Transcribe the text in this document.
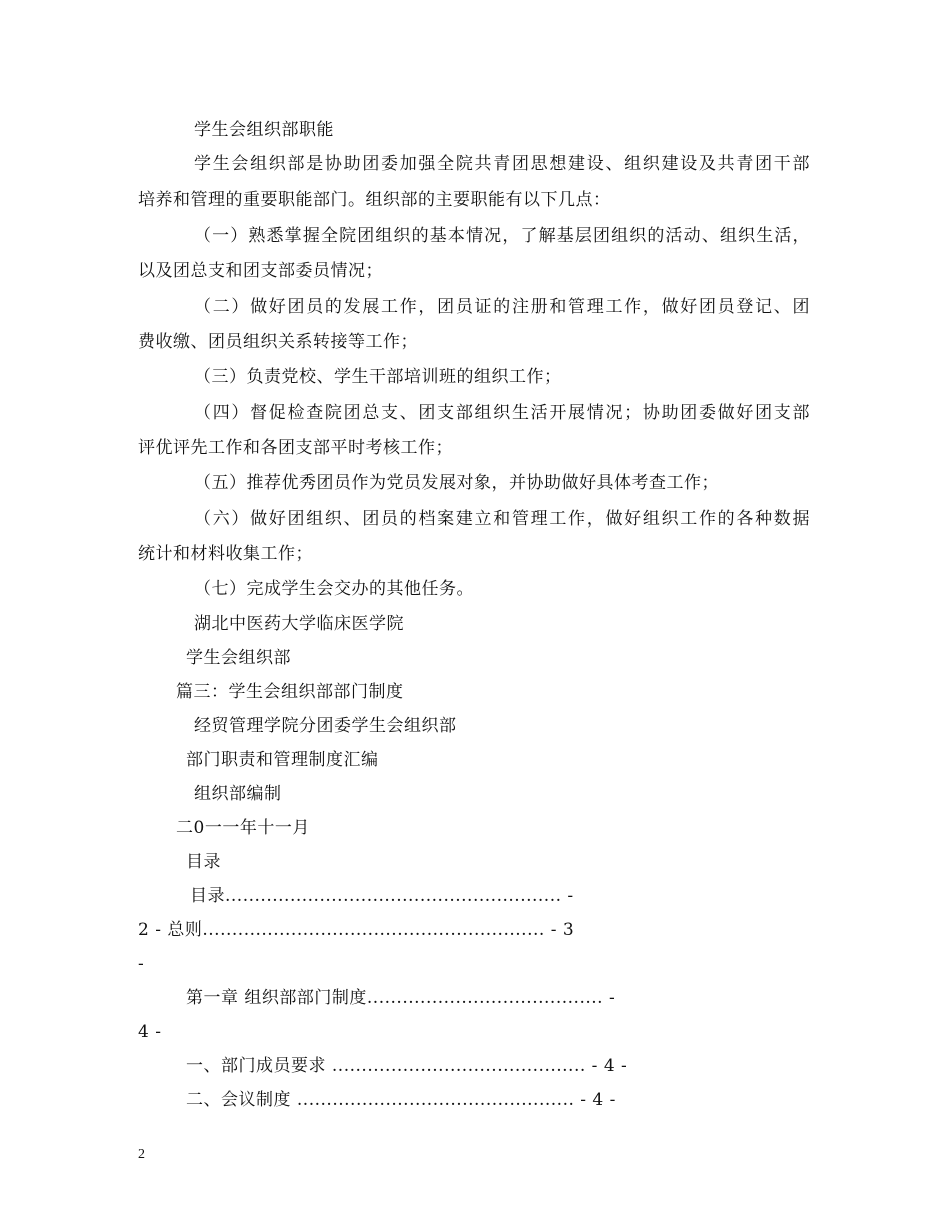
学生会组织部职能
学生会组织部是协助团委加强全院共青团思想建设、组织建设及共青团干部
培养和管理的重要职能部门。组织部的主要职能有以下几点：
（一）熟悉掌握全院团组织的基本情况，了解基层团组织的活动、组织生活，
以及团总支和团支部委员情况；
（二）做好团员的发展工作，团员证的注册和管理工作，做好团员登记、团
费收缴、团员组织关系转接等工作；
（三）负责党校、学生干部培训班的组织工作；
（四）督促检查院团总支、团支部组织生活开展情况；协助团委做好团支部
评优评先工作和各团支部平时考核工作；
（五）推荐优秀团员作为党员发展对象，并协助做好具体考查工作；
（六）做好团组织、团员的档案建立和管理工作，做好组织工作的各种数据
统计和材料收集工作；
（七）完成学生会交办的其他任务。
湖北中医药大学临床医学院
学生会组织部
篇三：学生会组织部部门制度
经贸管理学院分团委学生会组织部
部门职责和管理制度汇编
组织部编制
二0一一年十一月
目录
目录......................................................... -
2 - 总则.......................................................... - 3
-
第一章 组织部部门制度........................................ -
4 -
一、部门成员要求 ........................................... - 4 -
二、会议制度 ............................................... - 4 -
2
